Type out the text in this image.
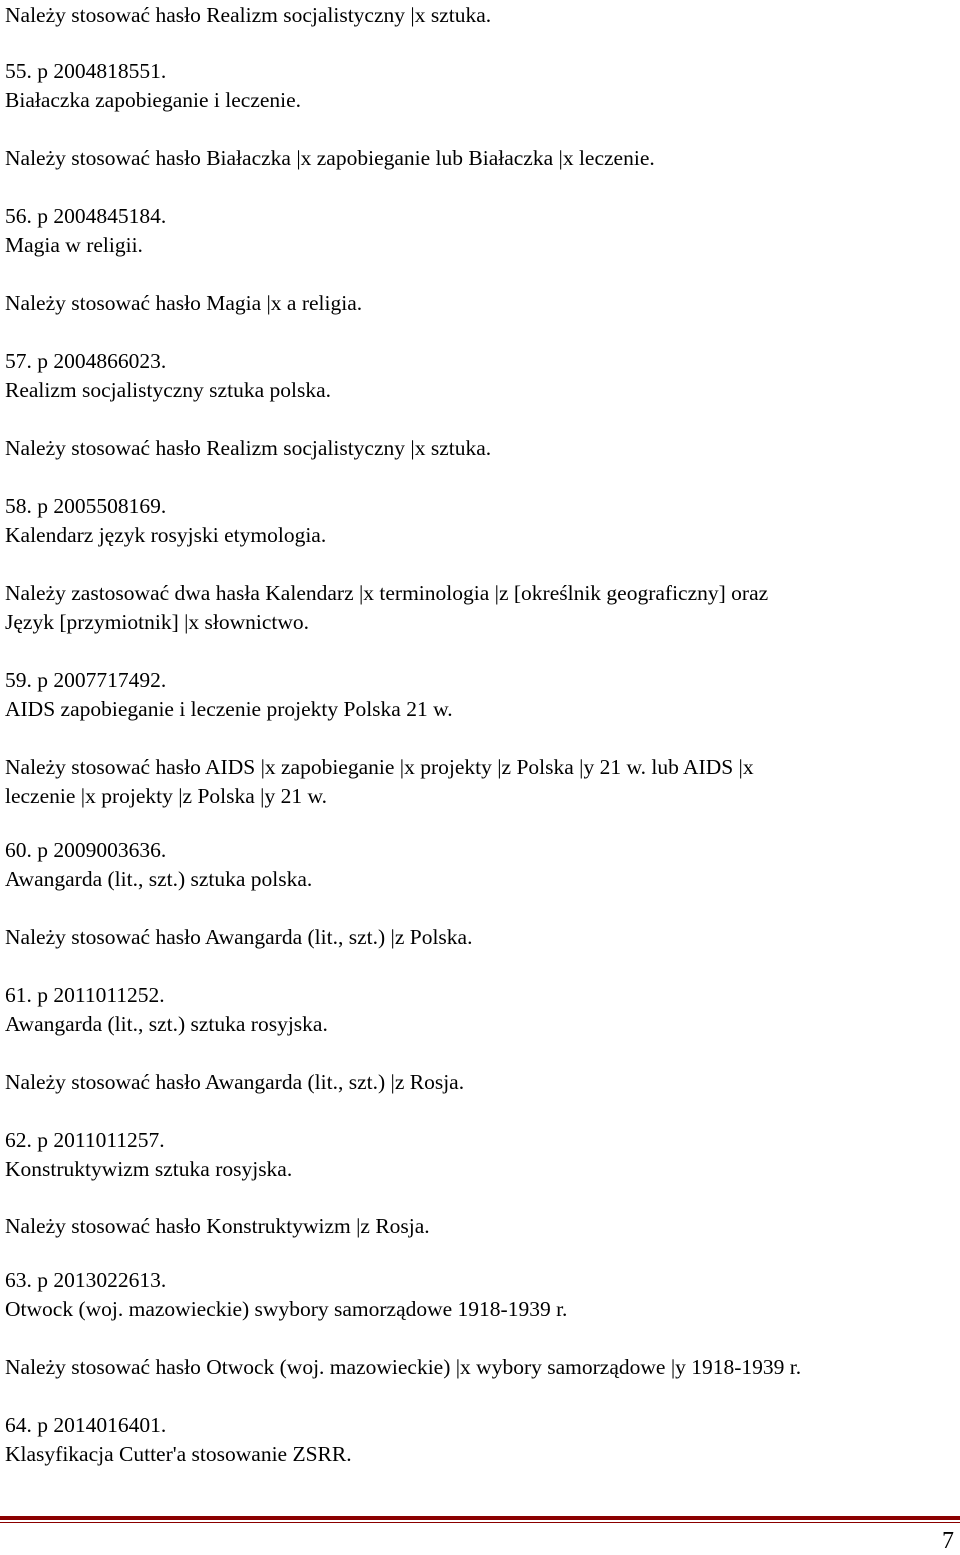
Należy stosować hasło Realizm socjalistyczny |x sztuka.
55. p 2004818551.
Białaczka zapobieganie i leczenie.
Należy stosować hasło Białaczka |x zapobieganie lub Białaczka |x leczenie.
56. p 2004845184.
Magia w religii.
Należy stosować hasło Magia |x a religia.
57. p 2004866023.
Realizm socjalistyczny sztuka polska.
Należy stosować hasło Realizm socjalistyczny |x sztuka.
58. p 2005508169.
Kalendarz język rosyjski etymologia.
Należy zastosować dwa hasła Kalendarz |x terminologia |z [określnik geograficzny] oraz
Język [przymiotnik] |x słownictwo.
59. p 2007717492.
AIDS zapobieganie i leczenie projekty Polska 21 w.
Należy stosować hasło AIDS |x zapobieganie |x projekty |z Polska |y 21 w. lub AIDS |x
leczenie |x projekty |z Polska |y 21 w.
60. p 2009003636.
Awangarda (lit., szt.) sztuka polska.
Należy stosować hasło Awangarda (lit., szt.) |z Polska.
61. p 2011011252.
Awangarda (lit., szt.) sztuka rosyjska.
Należy stosować hasło Awangarda (lit., szt.) |z Rosja.
62. p 2011011257.
Konstruktywizm sztuka rosyjska.
Należy stosować hasło Konstruktywizm |z Rosja.
63. p 2013022613.
Otwock (woj. mazowieckie) swybory samorządowe 1918-1939 r.
Należy stosować hasło Otwock (woj. mazowieckie) |x wybory samorządowe |y 1918-1939 r.
64. p 2014016401.
Klasyfikacja Cutter'a stosowanie ZSRR.
7
